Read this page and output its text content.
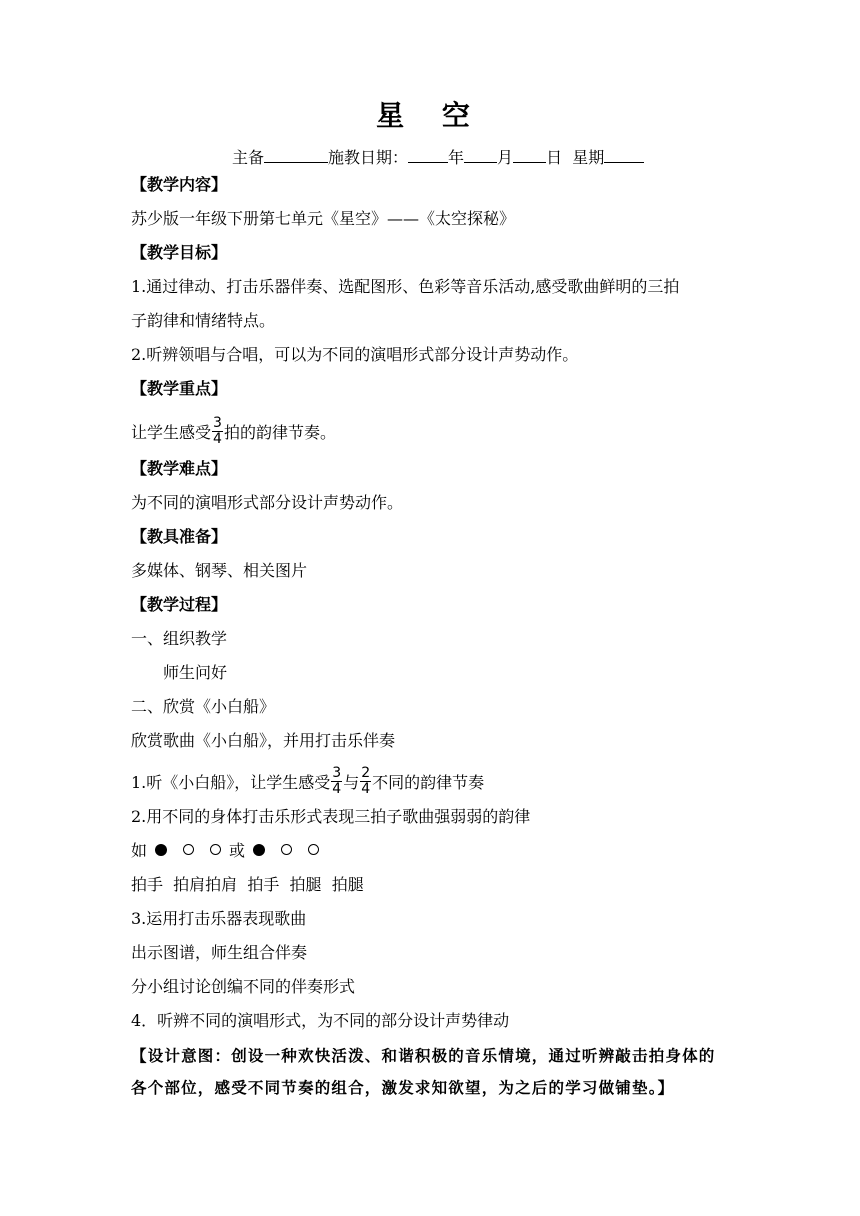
星 空
主备	施教日期：	年 月 日 星期
【教学内容】
苏少版一年级下册第七单元《星空》——《太空探秘》
【教学目标】
1.通过律动、打击乐器伴奏、选配图形、色彩等音乐活动,感受歌曲鲜明的三拍
子韵律和情绪特点。
2.听辨领唱与合唱，可以为不同的演唱形式部分设计声势动作。
【教学重点】
让学生感受 $\frac{3}{4}$ 拍的韵律节奏。
【教学难点】
为不同的演唱形式部分设计声势动作。
【教具准备】
多媒体、钢琴、相关图片
【教学过程】
一、组织教学
师生问好
二、欣赏《小白船》
欣赏歌曲《小白船》，并用打击乐伴奏
1.听《小白船》，让学生感受 $\frac{3}{4}$ 与 $\frac{2}{4}$ 不同的韵律节奏
2.用不同的身体打击乐形式表现三拍子歌曲强弱弱的韵律
如	或
拍手  拍肩拍肩  拍手  拍腿  拍腿
3.运用打击乐器表现歌曲
出示图谱，师生组合伴奏
分小组讨论创编不同的伴奏形式
4．听辨不同的演唱形式，为不同的部分设计声势律动
【设计意图：创设一种欢快活泼、和谐积极的音乐情境，通过听辨敲击拍身体的各个部位，感受不同节奏的组合，激发求知欲望，为之后的学习做铺垫。】
